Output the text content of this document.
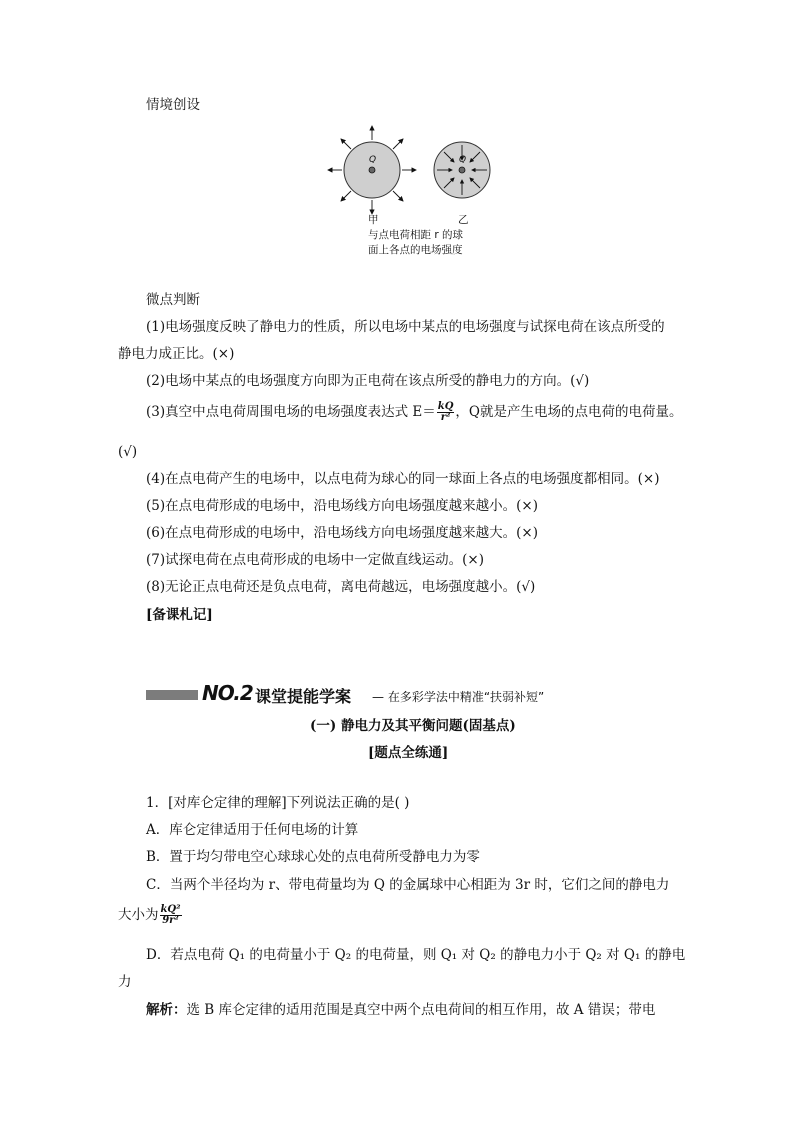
情境创设
Q	Q
甲	乙
与点电荷相距 r 的球
面上各点的电场强度
微点判断
(1)电场强度反映了静电力的性质，所以电场中某点的电场强度与试探电荷在该点所受的
静电力成正比。(×)
(2)电场中某点的电场强度方向即为正电荷在该点所受的静电力的方向。(√)
(3)真空中点电荷周围电场的电场强度表达式 $E= \frac{kQ}{\text{r²}}$ ，Q就是产生电场的点电荷的电荷量。
(√)
(4)在点电荷产生的电场中，以点电荷为球心的同一球面上各点的电场强度都相同。(×)
(5)在点电荷形成的电场中，沿电场线方向电场强度越来越小。(×)
(6)在点电荷形成的电场中，沿电场线方向电场强度越来越大。(×)
(7)试探电荷在点电荷形成的电场中一定做直线运动。(×)
(8)无论正点电荷还是负点电荷，离电荷越远，电场强度越小。(√)
[备课札记]
NO.2 课堂提能学案 — 在多彩学法中精准“扶弱补短”
(一) 静电力及其平衡问题(固基点)
[题点全练通]
1．[对库仑定律的理解]下列说法正确的是( )
A．库仑定律适用于任何电场的计算
B．置于均匀带电空心球球心处的点电荷所受静电力为零
C．当两个半径均为 r、带电荷量均为 Q 的金属球中心相距为 3r 时，它们之间的静电力
大小为 $\frac{\text{kQ²}}{\text{9r²}}$
D．若点电荷 Q₁ 的电荷量小于 Q₂ 的电荷量，则 Q₁ 对 Q₂ 的静电力小于 Q₂ 对 Q₁ 的静电
力
解析：选 B 库仑定律的适用范围是真空中两个点电荷间的相互作用，故 A 错误；带电
